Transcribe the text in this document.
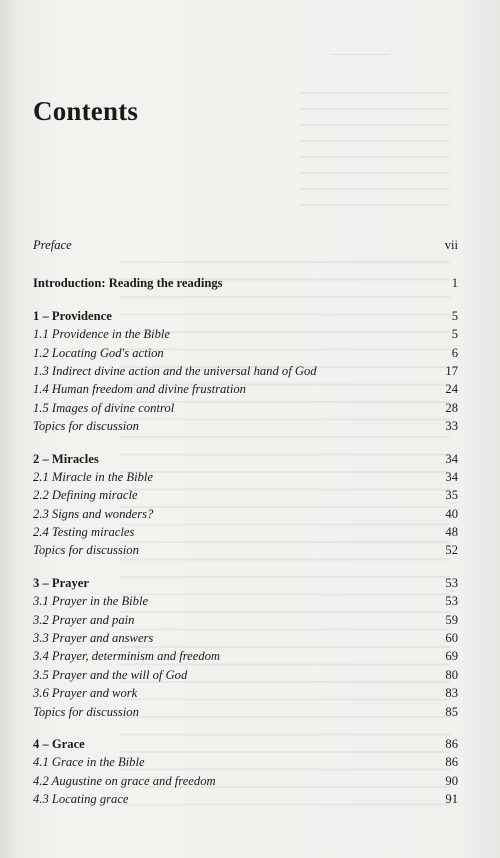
Contents
Preface	vii
Introduction: Reading the readings	1
1 – Providence	5
1.1 Providence in the Bible	5
1.2 Locating God's action	6
1.3 Indirect divine action and the universal hand of God	17
1.4 Human freedom and divine frustration	24
1.5 Images of divine control	28
Topics for discussion	33
2 – Miracles	34
2.1 Miracle in the Bible	34
2.2 Defining miracle	35
2.3 Signs and wonders?	40
2.4 Testing miracles	48
Topics for discussion	52
3 – Prayer	53
3.1 Prayer in the Bible	53
3.2 Prayer and pain	59
3.3 Prayer and answers	60
3.4 Prayer, determinism and freedom	69
3.5 Prayer and the will of God	80
3.6 Prayer and work	83
Topics for discussion	85
4 – Grace	86
4.1 Grace in the Bible	86
4.2 Augustine on grace and freedom	90
4.3 Locating grace	91
